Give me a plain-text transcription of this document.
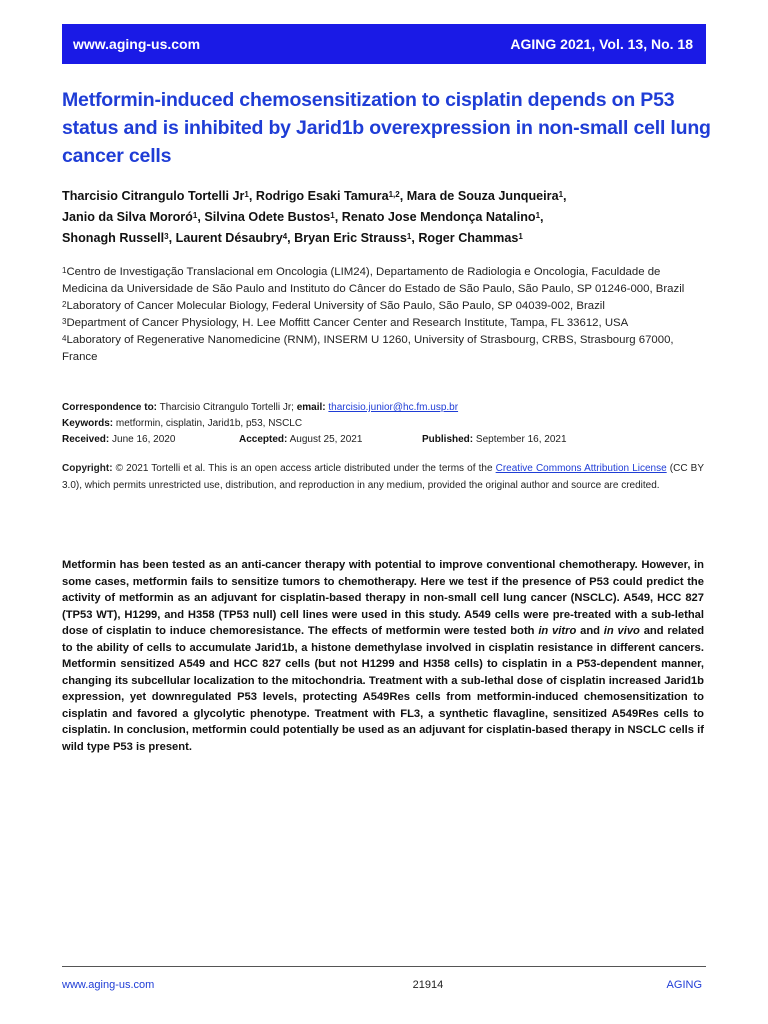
www.aging-us.com	AGING 2021, Vol. 13, No. 18
Metformin-induced chemosensitization to cisplatin depends on P53 status and is inhibited by Jarid1b overexpression in non-small cell lung cancer cells
Tharcisio Citrangulo Tortelli Jr$^1$, Rodrigo Esaki Tamura$^{1,2}$, Mara de Souza Junqueira$^1$,
Janio da Silva Mororó$^1$, Silvina Odete Bustos$^1$, Renato Jose Mendonça Natalino$^1$,
Shonagh Russell$^3$, Laurent Désaubry$^4$, Bryan Eric Strauss$^1$, Roger Chammas$^1$
$^1$Centro de Investigação Translacional em Oncologia (LIM24), Departamento de Radiologia e Oncologia, Faculdade de Medicina da Universidade de São Paulo and Instituto do Câncer do Estado de São Paulo, São Paulo, SP 01246-000, Brazil
$^2$Laboratory of Cancer Molecular Biology, Federal University of São Paulo, São Paulo, SP 04039-002, Brazil
$^3$Department of Cancer Physiology, H. Lee Moffitt Cancer Center and Research Institute, Tampa, FL 33612, USA
$^4$Laboratory of Regenerative Nanomedicine (RNM), INSERM U 1260, University of Strasbourg, CRBS, Strasbourg 67000, France
Correspondence to: Tharcisio Citrangulo Tortelli Jr; email: tharcisio.junior@hc.fm.usp.br
Keywords: metformin, cisplatin, Jarid1b, p53, NSCLC
Received: June 16, 2020	Accepted: August 25, 2021	Published: September 16, 2021
Copyright: © 2021 Tortelli et al. This is an open access article distributed under the terms of the Creative Commons Attribution License (CC BY 3.0), which permits unrestricted use, distribution, and reproduction in any medium, provided the original author and source are credited.
Metformin has been tested as an anti-cancer therapy with potential to improve conventional chemotherapy. However, in some cases, metformin fails to sensitize tumors to chemotherapy. Here we test if the presence of P53 could predict the activity of metformin as an adjuvant for cisplatin-based therapy in non-small cell lung cancer (NSCLC). A549, HCC 827 (TP53 WT), H1299, and H358 (TP53 null) cell lines were used in this study. A549 cells were pre-treated with a sub-lethal dose of cisplatin to induce chemoresistance. The effects of metformin were tested both in vitro and in vivo and related to the ability of cells to accumulate Jarid1b, a histone demethylase involved in cisplatin resistance in different cancers. Metformin sensitized A549 and HCC 827 cells (but not H1299 and H358 cells) to cisplatin in a P53-dependent manner, changing its subcellular localization to the mitochondria. Treatment with a sub-lethal dose of cisplatin increased Jarid1b expression, yet downregulated P53 levels, protecting A549Res cells from metformin-induced chemosensitization to cisplatin and favored a glycolytic phenotype. Treatment with FL3, a synthetic flavagline, sensitized A549Res cells to cisplatin. In conclusion, metformin could potentially be used as an adjuvant for cisplatin-based therapy in NSCLC cells if wild type P53 is present.
www.aging-us.com	21914	AGING
